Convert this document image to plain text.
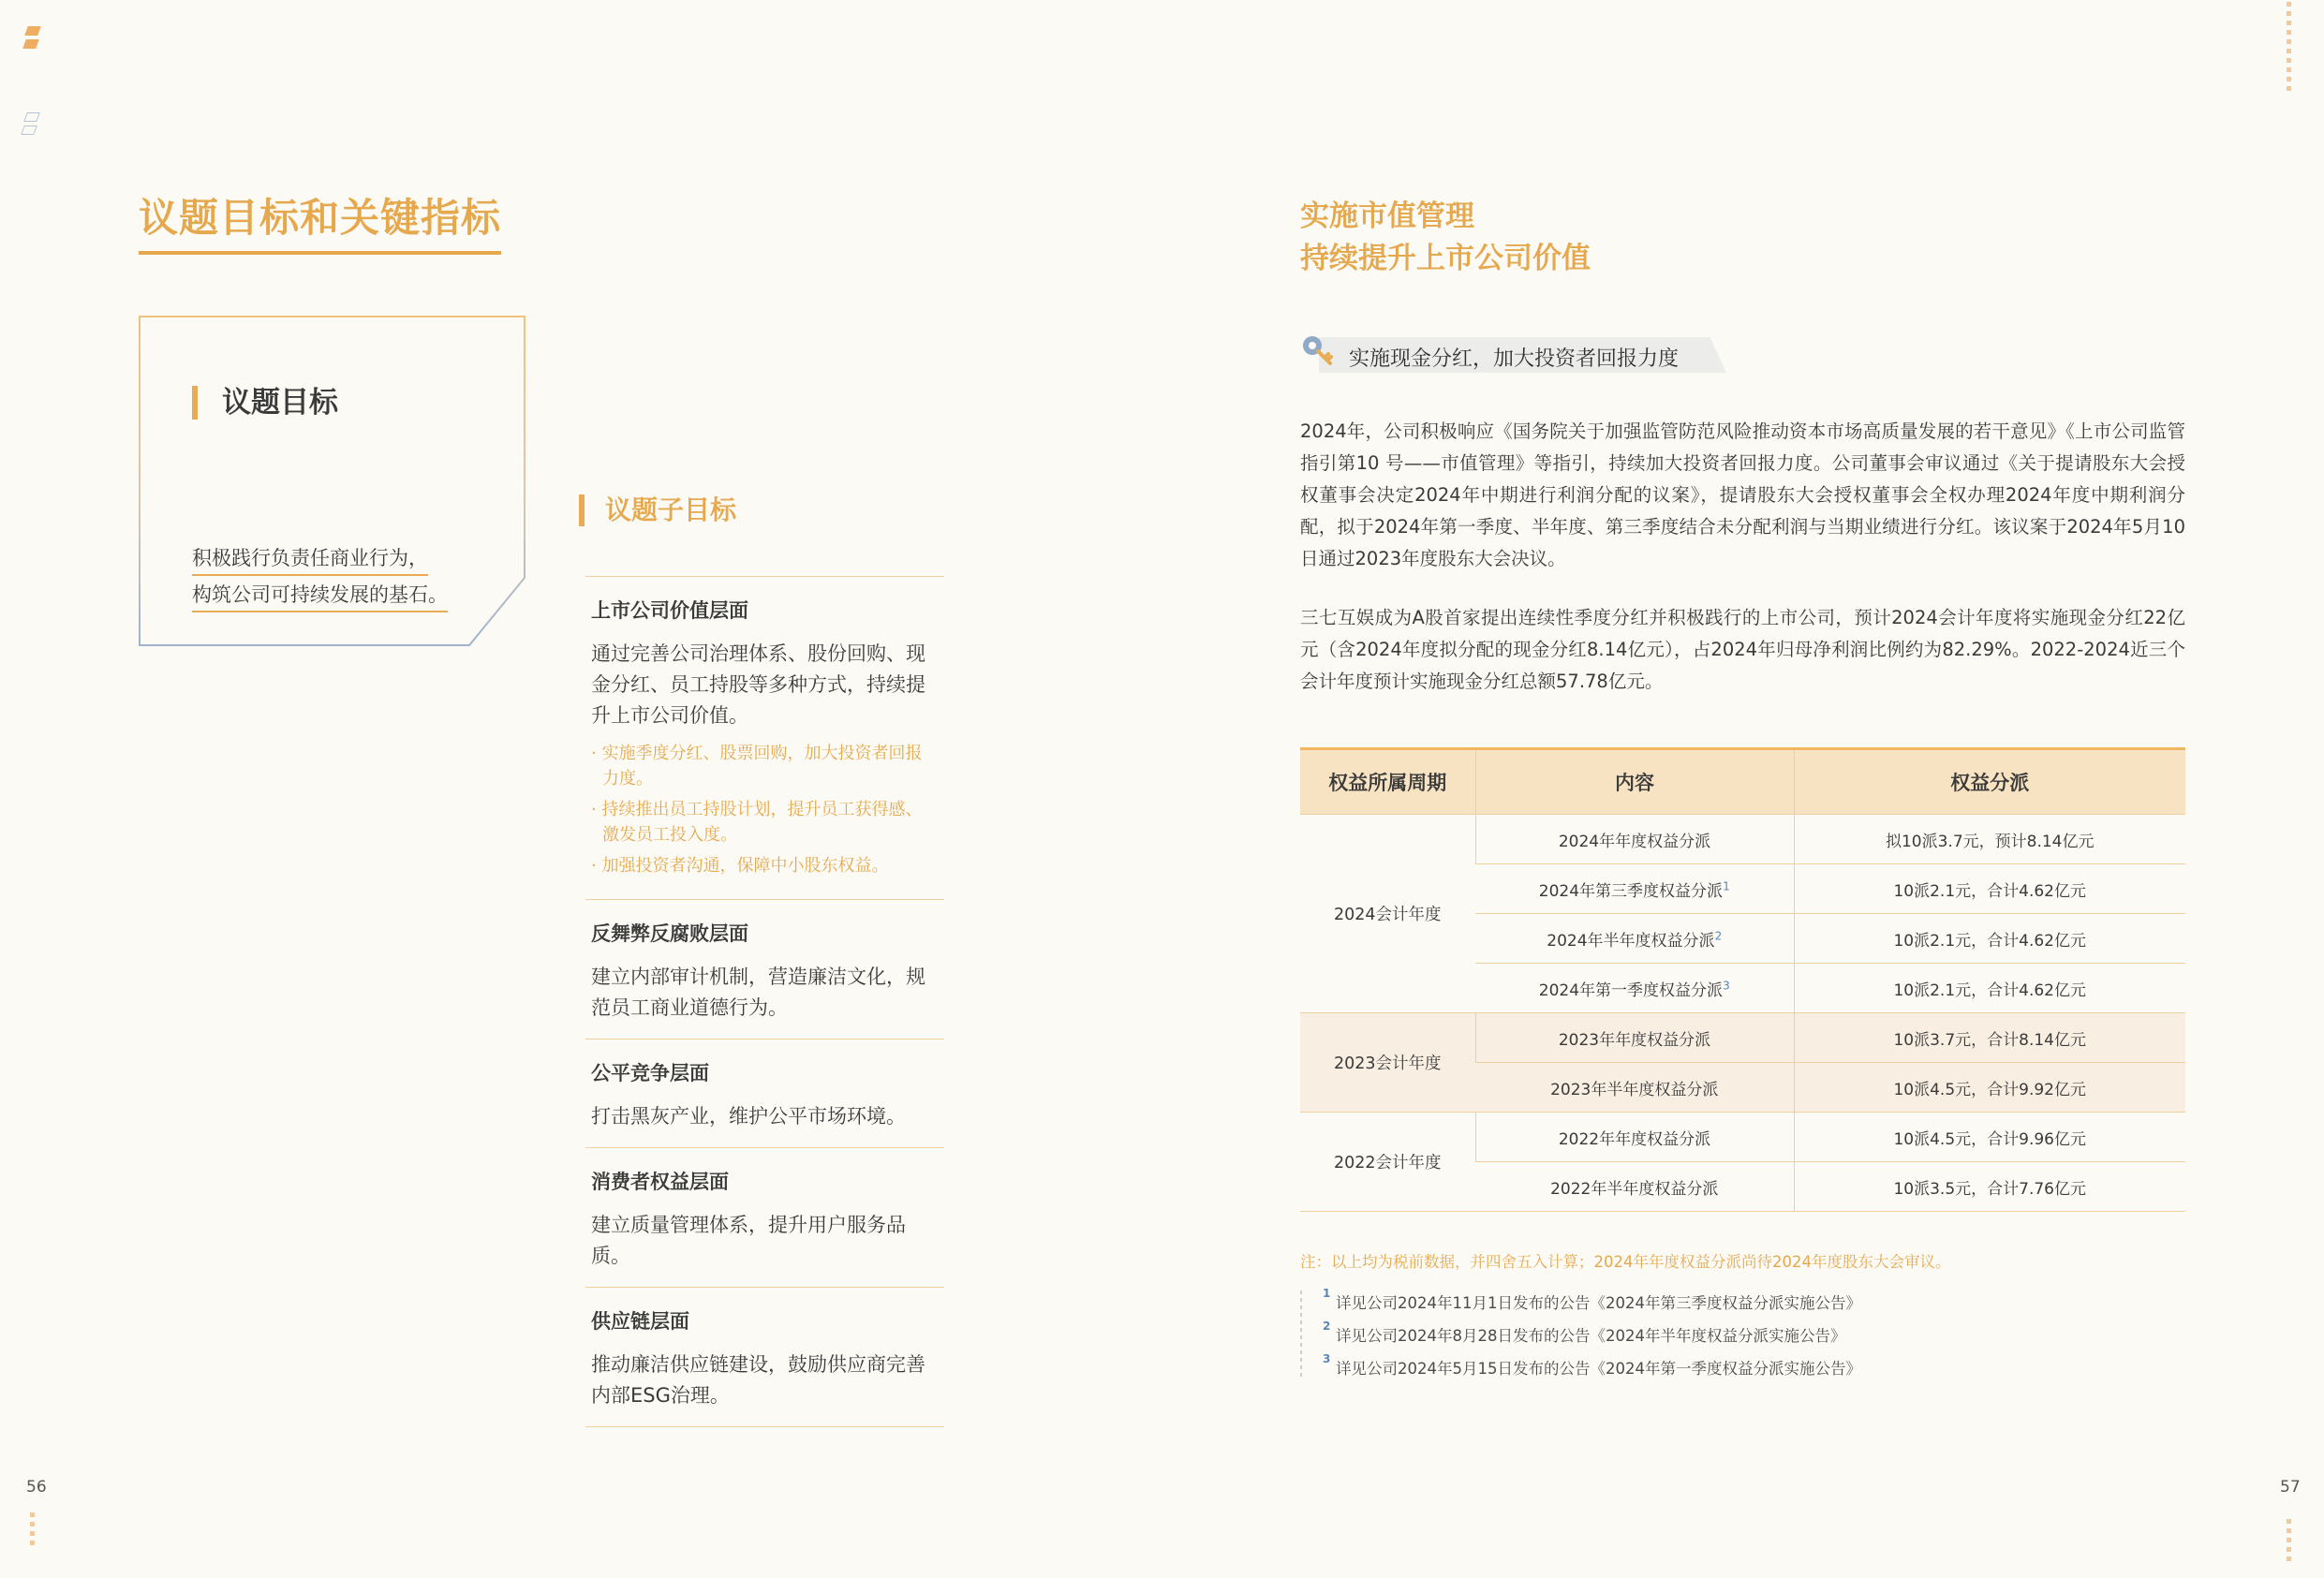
议题目标和关键指标
议题目标
积极践行负责任商业行为，
构筑公司可持续发展的基石。
议题子目标
上市公司价值层面
通过完善公司治理体系、股份回购、现金分红、员工持股等多种方式，持续提升上市公司价值。
· 实施季度分红、股票回购，加大投资者回报力度。
· 持续推出员工持股计划，提升员工获得感、激发员工投入度。
· 加强投资者沟通，保障中小股东权益。
反舞弊反腐败层面
建立内部审计机制，营造廉洁文化，规范员工商业道德行为。
公平竞争层面
打击黑灰产业，维护公平市场环境。
消费者权益层面
建立质量管理体系，提升用户服务品质。
供应链层面
推动廉洁供应链建设，鼓励供应商完善内部ESG治理。
56
实施市值管理
持续提升上市公司价值
实施现金分红，加大投资者回报力度
2024年，公司积极响应《国务院关于加强监管防范风险推动资本市场高质量发展的若干意见》《上市公司监管指引第10 号——市值管理》等指引，持续加大投资者回报力度。公司董事会审议通过《关于提请股东大会授权董事会决定2024年中期进行利润分配的议案》，提请股东大会授权董事会全权办理2024年度中期利润分配，拟于2024年第一季度、半年度、第三季度结合未分配利润与当期业绩进行分红。该议案于2024年5月10日通过2023年度股东大会决议。
三七互娱成为A股首家提出连续性季度分红并积极践行的上市公司，预计2024会计年度将实施现金分红22亿元（含2024年度拟分配的现金分红8.14亿元），占2024年归母净利润比例约为82.29%。2022-2024近三个会计年度预计实施现金分红总额57.78亿元。
权益所属周期	内容	权益分派
2024会计年度	2024年年度权益分派	拟10派3.7元，预计8.14亿元
	2024年第三季度权益分派$^1$	10派2.1元，合计4.62亿元
	2024年半年度权益分派$^2$	10派2.1元，合计4.62亿元
	2024年第一季度权益分派$^3$	10派2.1元，合计4.62亿元
2023会计年度	2023年年度权益分派	10派3.7元，合计8.14亿元
	2023年半年度权益分派	10派4.5元，合计9.92亿元
2022会计年度	2022年年度权益分派	10派4.5元，合计9.96亿元
	2022年半年度权益分派	10派3.5元，合计7.76亿元
注：以上均为税前数据，并四舍五入计算；2024年年度权益分派尚待2024年度股东大会审议。
1
详见公司2024年11月1日发布的公告《2024年第三季度权益分派实施公告》
2
详见公司2024年8月28日发布的公告《2024年半年度权益分派实施公告》
3
详见公司2024年5月15日发布的公告《2024年第一季度权益分派实施公告》
57
